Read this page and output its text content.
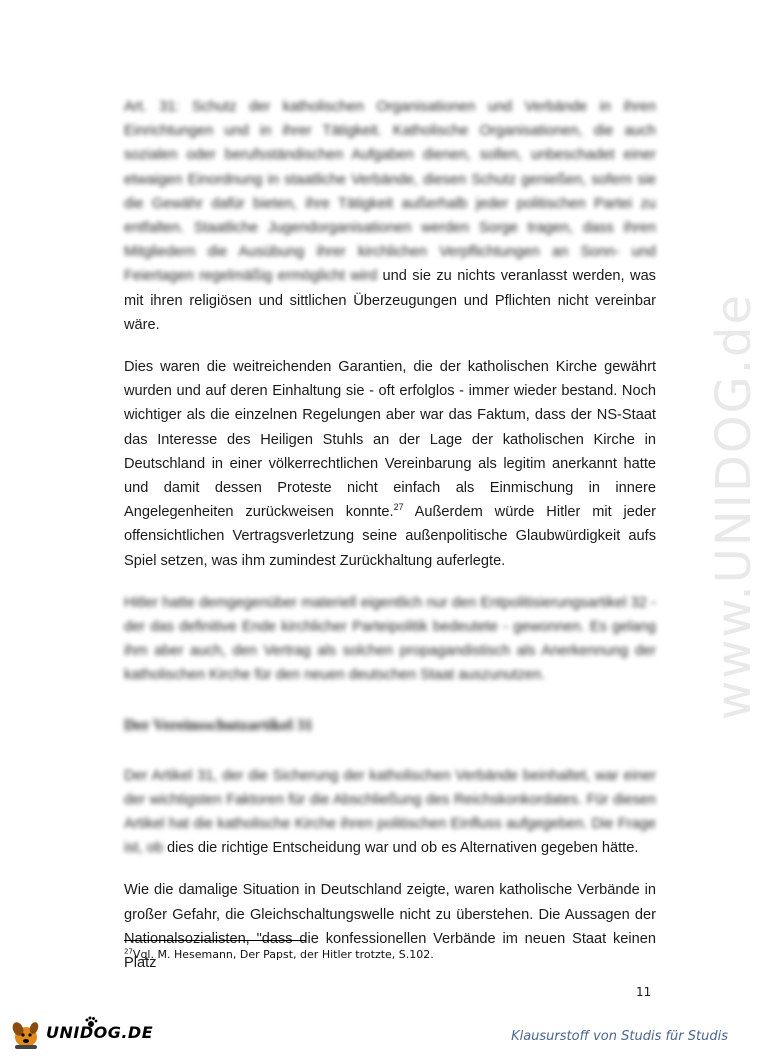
www.UNIDOG.de

Art. 31: Schutz der katholischen Organisationen und Verbände in ihren Einrichtungen und in ihrer Tätigkeit. Katholische Organisationen, die auch sozialen oder berufsständischen Aufgaben dienen, sollen, unbeschadet einer etwaigen Einordnung in staatliche Verbände, diesen Schutz genießen, sofern sie die Gewähr dafür bieten, ihre Tätigkeit außerhalb jeder politischen Partei zu entfalten. Staatliche Jugendorganisationen werden Sorge tragen, dass ihren Mitgliedern die Ausübung ihrer kirchlichen Verpflichtungen an Sonn- und Feiertagen regelmäßig ermöglicht wird und sie zu nichts veranlasst werden, was mit ihren religiösen und sittlichen Überzeugungen und Pflichten nicht vereinbar wäre.

Dies waren die weitreichenden Garantien, die der katholischen Kirche gewährt wurden und auf deren Einhaltung sie - oft erfolglos - immer wieder bestand. Noch wichtiger als die einzelnen Regelungen aber war das Faktum, dass der NS-Staat das Interesse des Heiligen Stuhls an der Lage der katholischen Kirche in Deutschland in einer völkerrechtlichen Vereinbarung als legitim anerkannt hatte und damit dessen Proteste nicht einfach als Einmischung in innere Angelegenheiten zurückweisen konnte.$^{27}$ Außerdem würde Hitler mit jeder offensichtlichen Vertragsverletzung seine außenpolitische Glaubwürdigkeit aufs Spiel setzen, was ihm zumindest Zurückhaltung auferlegte.

Hitler hatte demgegenüber materiell eigentlich nur den Entpolitisierungsartikel 32 - der das definitive Ende kirchlicher Parteipolitik bedeutete - gewonnen. Es gelang ihm aber auch, den Vertrag als solchen propagandistisch als Anerkennung der katholischen Kirche für den neuen deutschen Staat auszunutzen.

Der Vereinsschutzartikel 31

Der Artikel 31, der die Sicherung der katholischen Verbände beinhaltet, war einer der wichtigsten Faktoren für die Abschließung des Reichskonkordates. Für diesen Artikel hat die katholische Kirche ihren politischen Einfluss aufgegeben. Die Frage ist, ob dies die richtige Entscheidung war und ob es Alternativen gegeben hätte.

Wie die damalige Situation in Deutschland zeigte, waren katholische Verbände in großer Gefahr, die Gleichschaltungswelle nicht zu überstehen. Die Aussagen der Nationalsozialisten, "dass die konfessionellen Verbände im neuen Staat keinen Platz

$^{27}$Vgl. M. Hesemann, Der Papst, der Hitler trotzte, S.102.
11
UNIDOG.DE	Klausurstoff von Studis für Studis
